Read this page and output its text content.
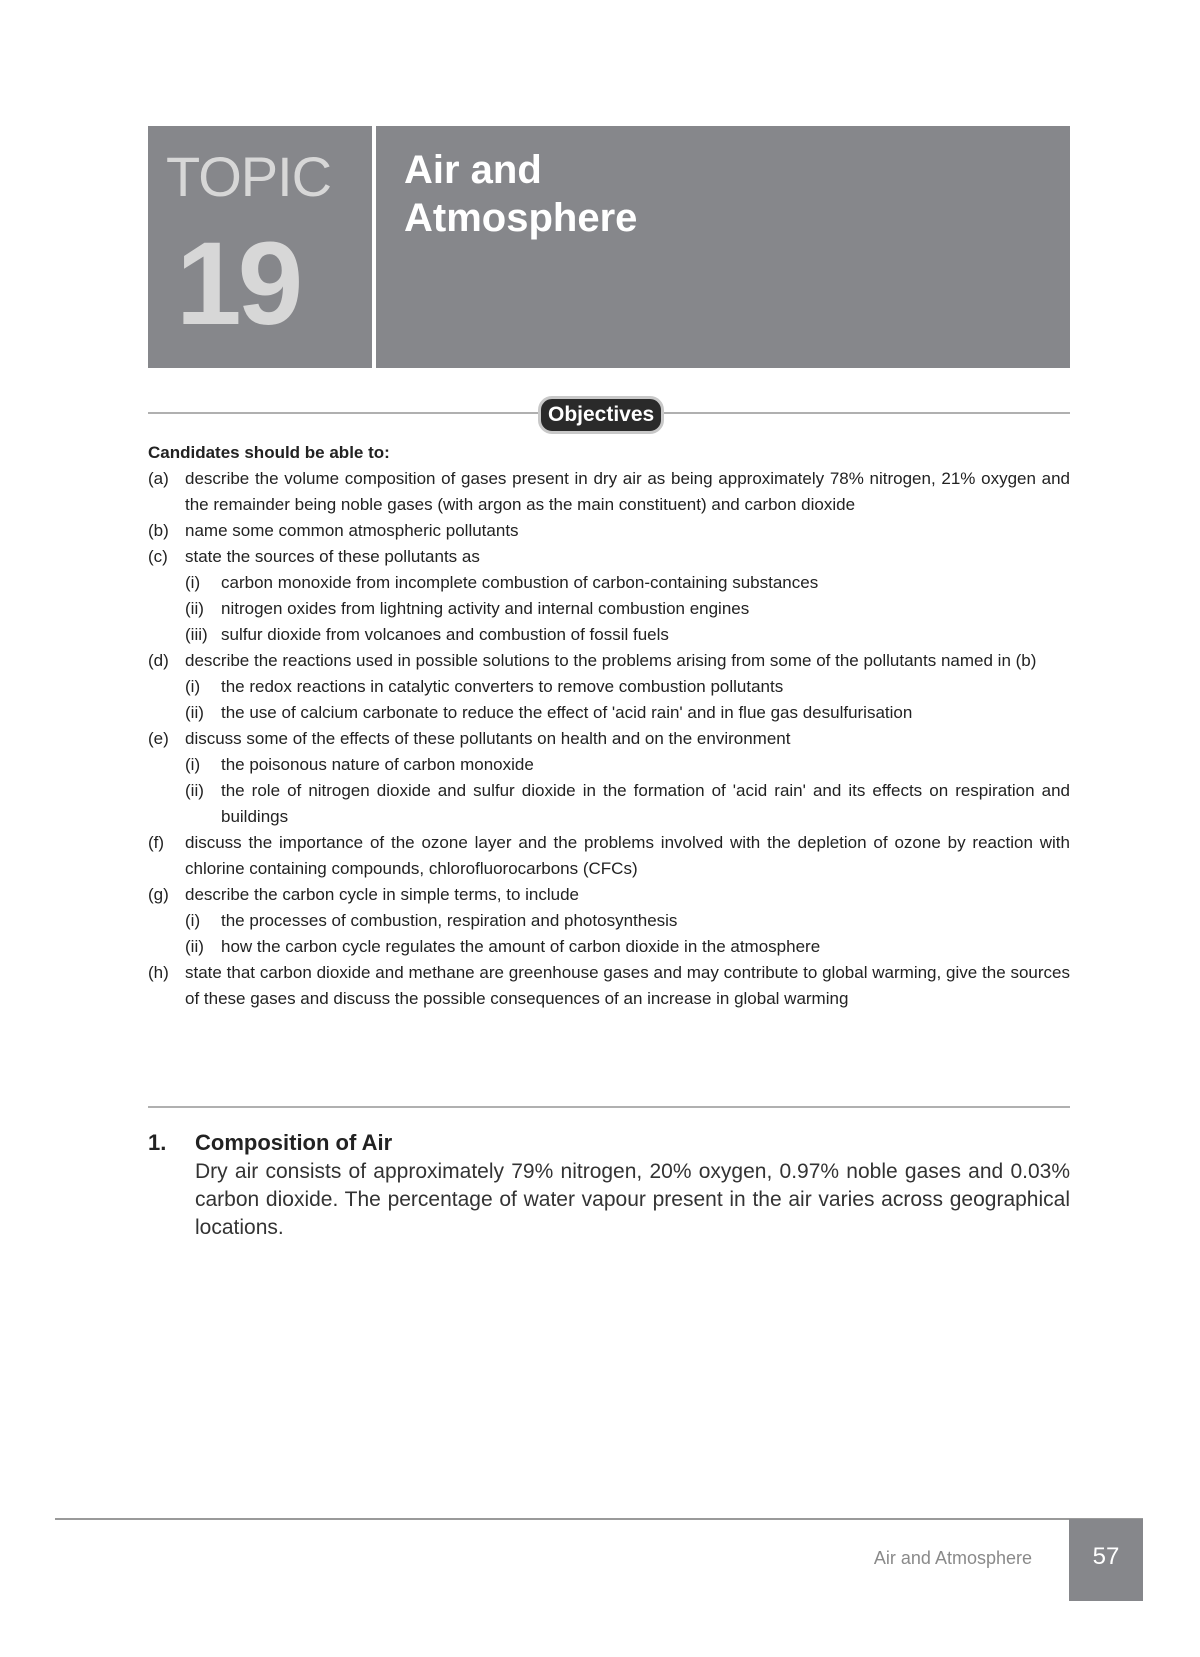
TOPIC
19
Air and
Atmosphere
Objectives
Candidates should be able to:
(a) describe the volume composition of gases present in dry air as being approximately 78% nitrogen, 21% oxygen and the remainder being noble gases (with argon as the main constituent) and carbon dioxide
(b) name some common atmospheric pollutants
(c) state the sources of these pollutants as
(i) carbon monoxide from incomplete combustion of carbon-containing substances
(ii) nitrogen oxides from lightning activity and internal combustion engines
(iii) sulfur dioxide from volcanoes and combustion of fossil fuels
(d) describe the reactions used in possible solutions to the problems arising from some of the pollutants named in (b)
(i) the redox reactions in catalytic converters to remove combustion pollutants
(ii) the use of calcium carbonate to reduce the effect of 'acid rain' and in flue gas desulfurisation
(e) discuss some of the effects of these pollutants on health and on the environment
(i) the poisonous nature of carbon monoxide
(ii) the role of nitrogen dioxide and sulfur dioxide in the formation of 'acid rain' and its effects on respiration and buildings
(f) discuss the importance of the ozone layer and the problems involved with the depletion of ozone by reaction with chlorine containing compounds, chlorofluorocarbons (CFCs)
(g) describe the carbon cycle in simple terms, to include
(i) the processes of combustion, respiration and photosynthesis
(ii) how the carbon cycle regulates the amount of carbon dioxide in the atmosphere
(h) state that carbon dioxide and methane are greenhouse gases and may contribute to global warming, give the sources of these gases and discuss the possible consequences of an increase in global warming
1. Composition of Air
Dry air consists of approximately 79% nitrogen, 20% oxygen, 0.97% noble gases and 0.03% carbon dioxide. The percentage of water vapour present in the air varies across geographical locations.
Air and Atmosphere	57
